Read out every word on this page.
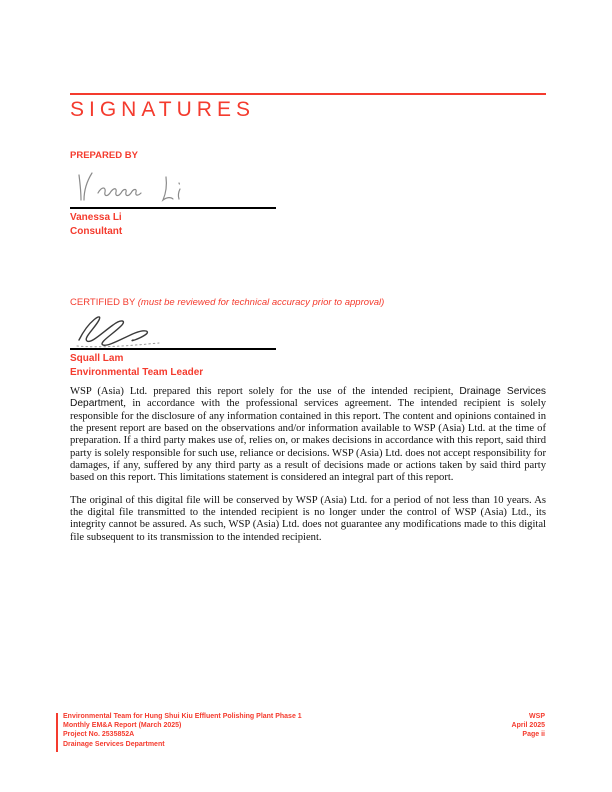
SIGNATURES
PREPARED BY
Vanessa Li
Consultant
CERTIFIED BY (must be reviewed for technical accuracy prior to approval)
Squall Lam
Environmental Team Leader

WSP (Asia) Ltd. prepared this report solely for the use of the intended recipient, Drainage Services Department, in accordance with the professional services agreement. The intended recipient is solely responsible for the disclosure of any information contained in this report. The content and opinions contained in the present report are based on the observations and/or information available to WSP (Asia) Ltd. at the time of preparation. If a third party makes use of, relies on, or makes decisions in accordance with this report, said third party is solely responsible for such use, reliance or decisions. WSP (Asia) Ltd. does not accept responsibility for damages, if any, suffered by any third party as a result of decisions made or actions taken by said third party based on this report. This limitations statement is considered an integral part of this report.

The original of this digital file will be conserved by WSP (Asia) Ltd. for a period of not less than 10 years. As the digital file transmitted to the intended recipient is no longer under the control of WSP (Asia) Ltd., its integrity cannot be assured. As such, WSP (Asia) Ltd. does not guarantee any modifications made to this digital file subsequent to its transmission to the intended recipient.

Environmental Team for Hung Shui Kiu Effluent Polishing Plant Phase 1
Monthly EM&A Report (March 2025)
Project No. 2535852A
Drainage Services Department
WSP
April 2025
Page ii
